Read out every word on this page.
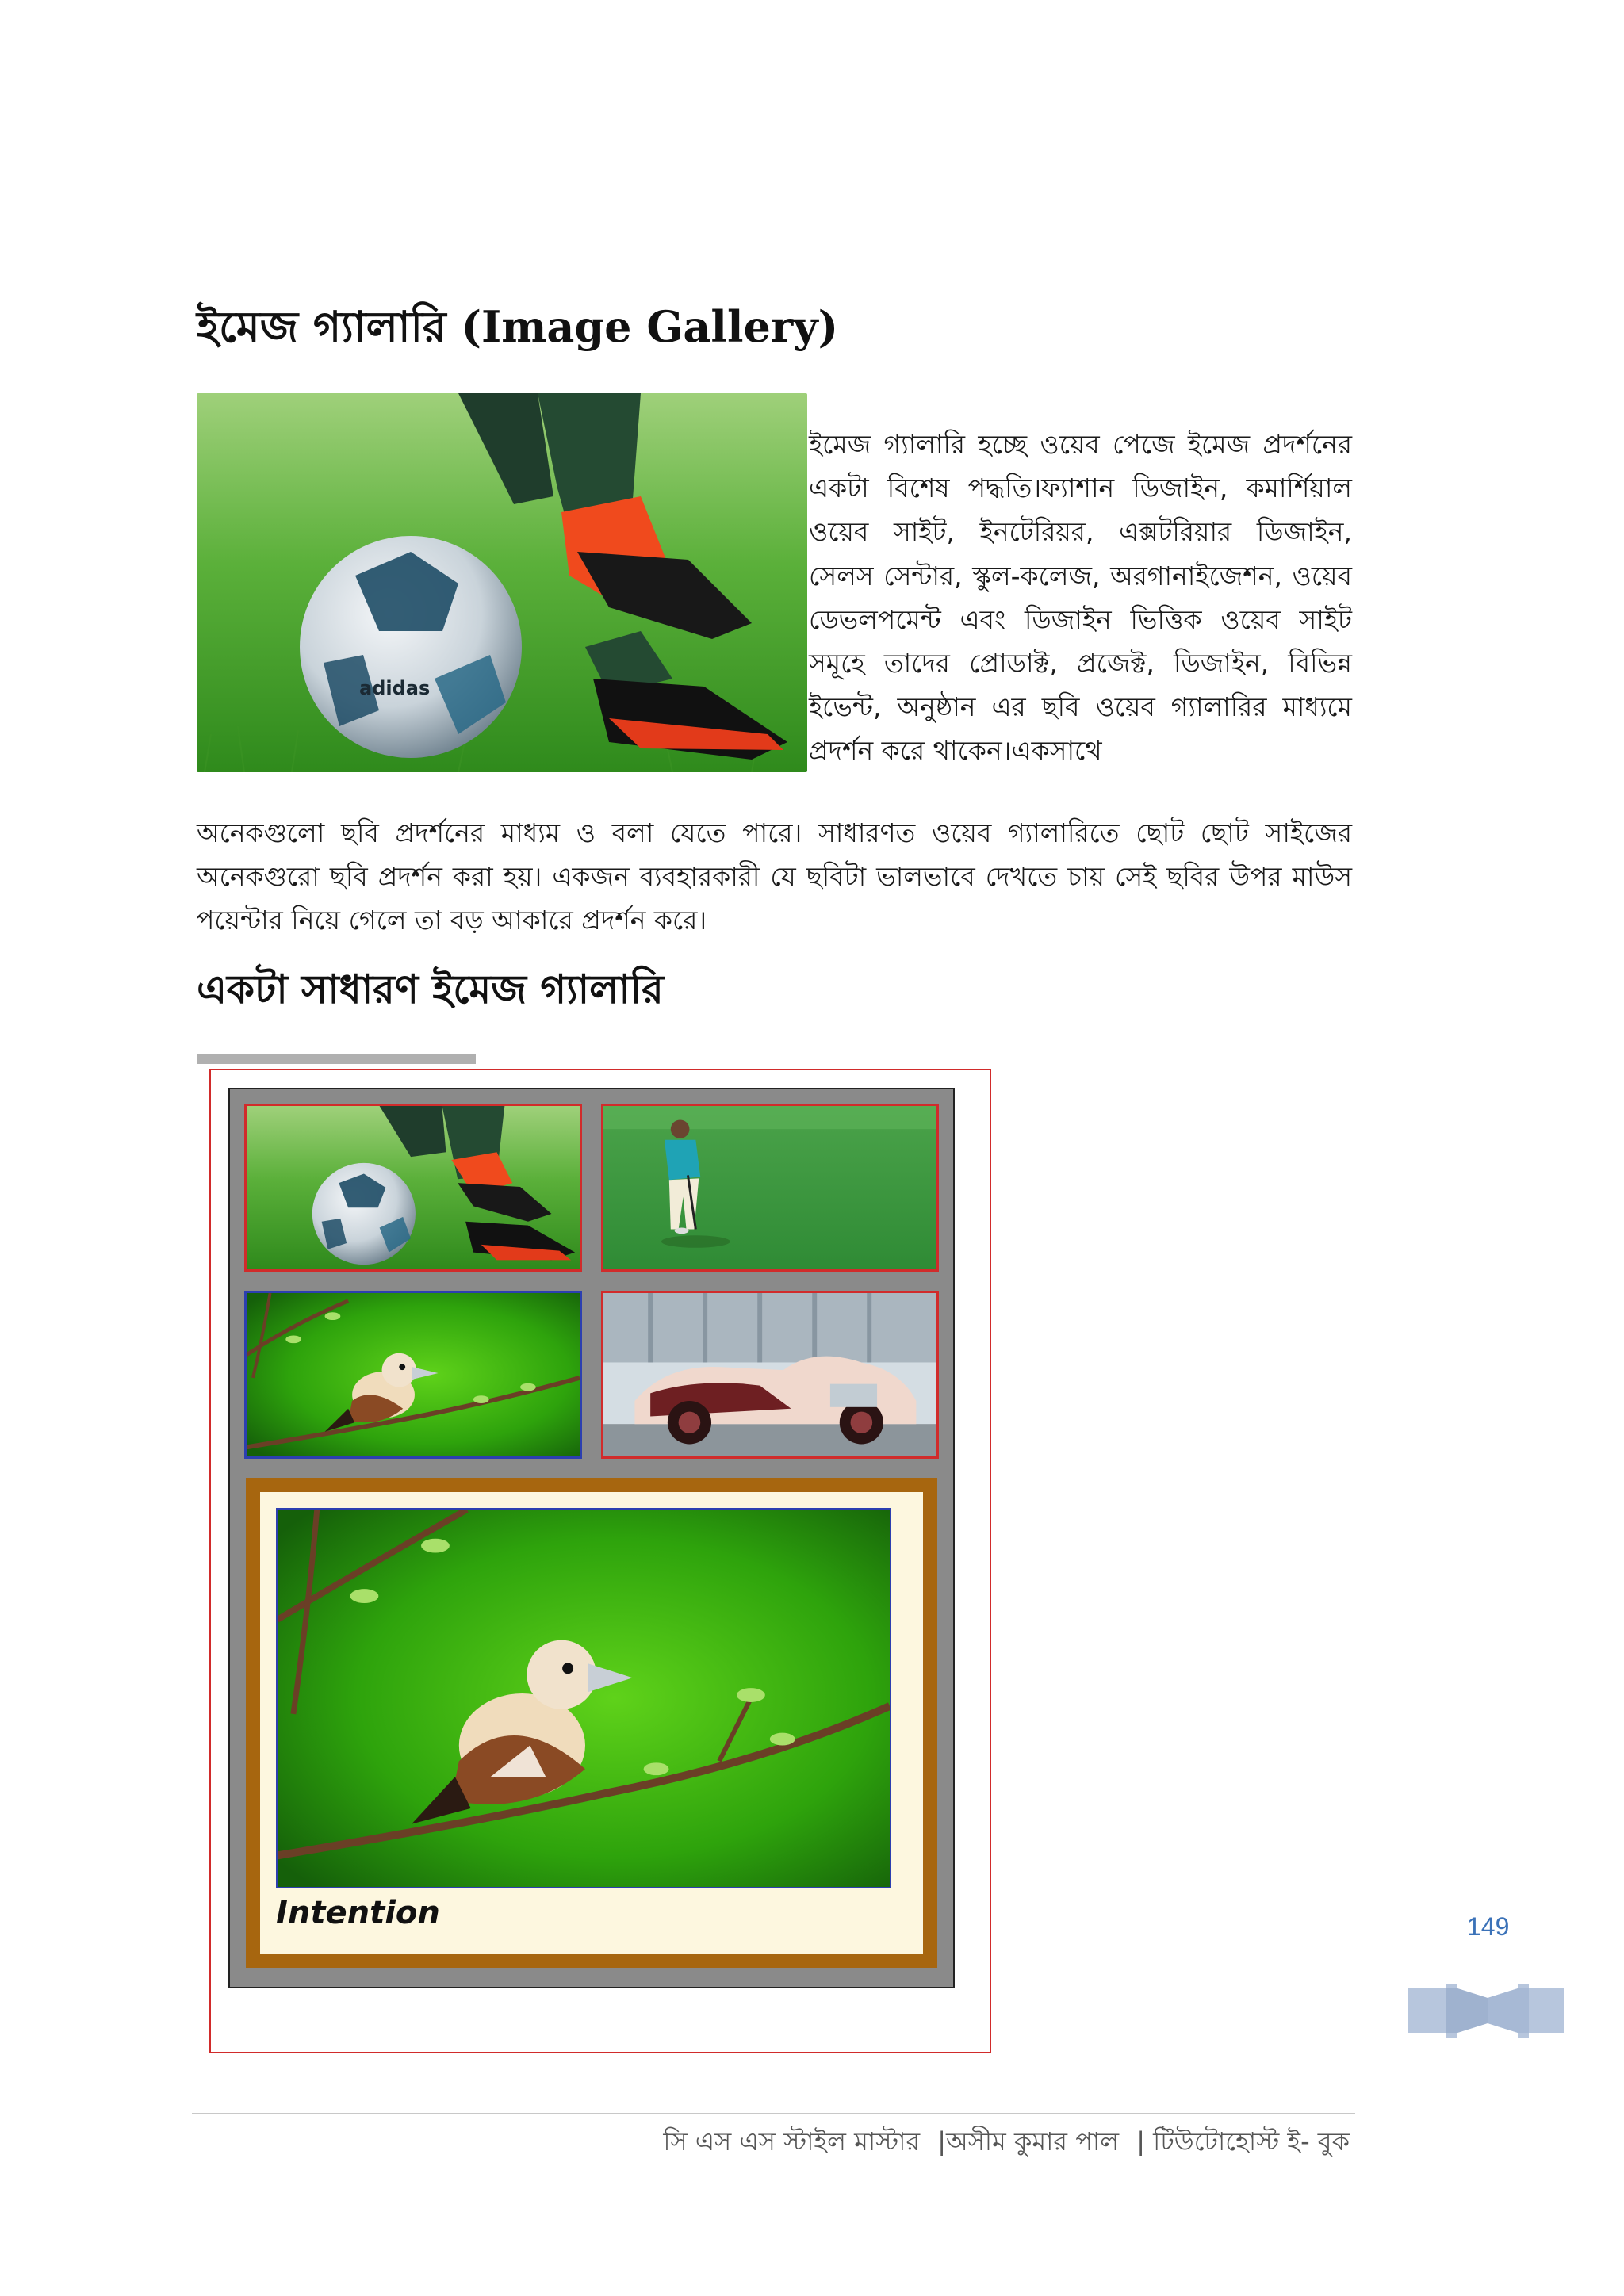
ইমেজ গ্যালারি (Image Gallery)
adidas

ইমেজ গ্যালারি হচ্ছে ওয়েব পেজে ইমেজ প্রদর্শনের একটা বিশেষ পদ্ধতি।ফ্যাশান ডিজাইন, কমার্শিয়াল ওয়েব সাইট, ইনটেরিয়র, এক্সটরিয়ার ডিজাইন, সেলস সেন্টার, স্কুল-কলেজ, অরগানাইজেশন, ওয়েব ডেভলপমেন্ট এবং ডিজাইন ভিত্তিক ওয়েব সাইট সমূহে তাদের প্রোডাক্ট, প্রজেক্ট, ডিজাইন, বিভিন্ন ইভেন্ট, অনুষ্ঠান এর ছবি ওয়েব গ্যালারির মাধ্যমে প্রদর্শন করে থাকেন।একসাথে

অনেকগুলো ছবি প্রদর্শনের মাধ্যম ও বলা যেতে পারে। সাধারণত ওয়েব গ্যালারিতে ছোট ছোট সাইজের অনেকগুরো ছবি প্রদর্শন করা হয়। একজন ব্যবহারকারী যে ছবিটা ভালভাবে দেখতে চায় সেই ছবির উপর মাউস পয়েন্টার নিয়ে গেলে তা বড় আকারে প্রদর্শন করে।

একটা সাধারণ ইমেজ গ্যালারি
Intention	149
সি এস এস স্টাইল মাস্টার |অসীম কুমার পাল | টিউটোহোস্ট ই- বুক
